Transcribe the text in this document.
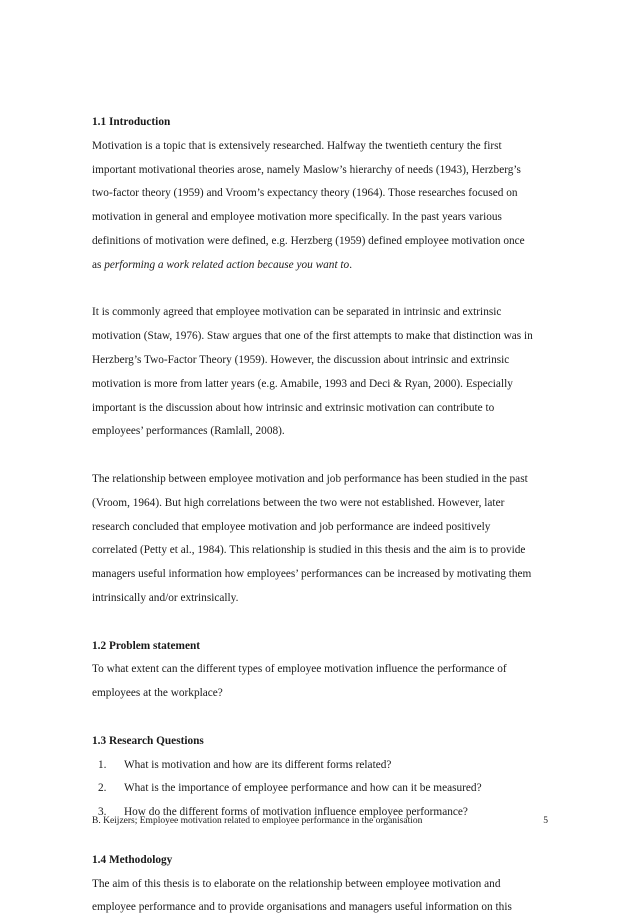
1.1 Introduction
Motivation is a topic that is extensively researched. Halfway the twentieth century the first
important motivational theories arose, namely Maslow’s hierarchy of needs (1943), Herzberg’s
two-factor theory (1959) and Vroom’s expectancy theory (1964). Those researches focused on
motivation in general and employee motivation more specifically. In the past years various
definitions of motivation were defined, e.g. Herzberg (1959) defined employee motivation once
as performing a work related action because you want to.
It is commonly agreed that employee motivation can be separated in intrinsic and extrinsic
motivation (Staw, 1976). Staw argues that one of the first attempts to make that distinction was in
Herzberg’s Two-Factor Theory (1959). However, the discussion about intrinsic and extrinsic
motivation is more from latter years (e.g. Amabile, 1993 and Deci & Ryan, 2000). Especially
important is the discussion about how intrinsic and extrinsic motivation can contribute to
employees’ performances (Ramlall, 2008).
The relationship between employee motivation and job performance has been studied in the past
(Vroom, 1964). But high correlations between the two were not established. However, later
research concluded that employee motivation and job performance are indeed positively
correlated (Petty et al., 1984). This relationship is studied in this thesis and the aim is to provide
managers useful information how employees’ performances can be increased by motivating them
intrinsically and/or extrinsically.
1.2 Problem statement
To what extent can the different types of employee motivation influence the performance of
employees at the workplace?
1.3 Research Questions
1. What is motivation and how are its different forms related?
2. What is the importance of employee performance and how can it be measured?
3. How do the different forms of motivation influence employee performance?
1.4 Methodology
The aim of this thesis is to elaborate on the relationship between employee motivation and
employee performance and to provide organisations and managers useful information on this
B. Keijzers; Employee motivation related to employee performance in the organisation	5
